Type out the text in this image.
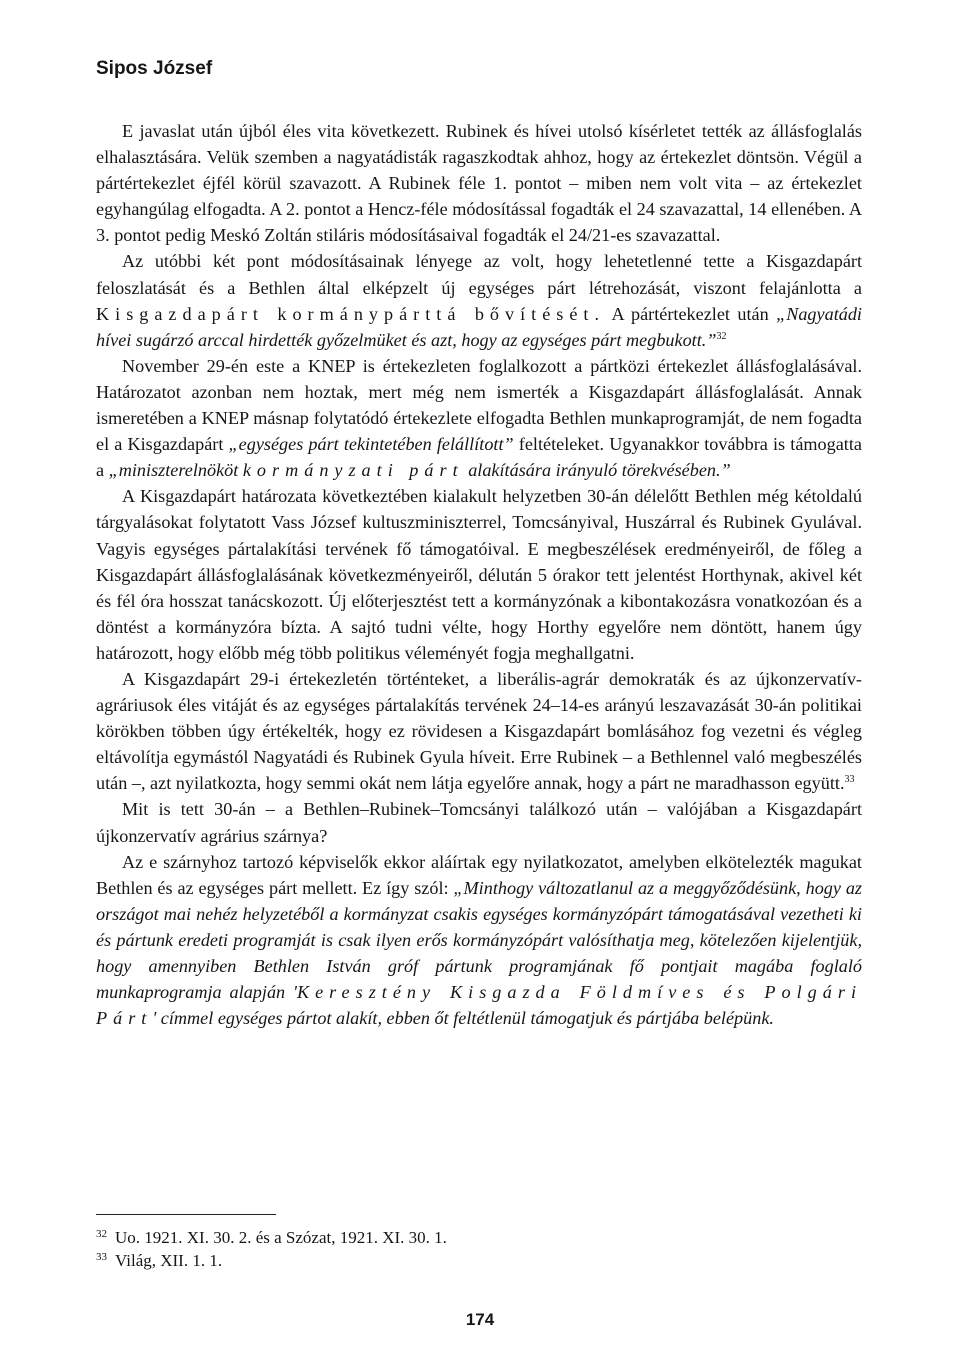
Sipos József

E javaslat után újból éles vita következett. Rubinek és hívei utolsó kísérletet tették az állásfoglalás elhalasztására. Velük szemben a nagyatádisták ragaszkodtak ahhoz, hogy az értekezlet döntsön. Végül a pártértekezlet éjfél körül szavazott. A Rubinek féle 1. pontot – miben nem volt vita – az értekezlet egyhangúlag elfogadta. A 2. pontot a Hencz-féle módosítással fogadták el 24 szavazattal, 14 ellenében. A 3. pontot pedig Meskó Zoltán stiláris módosításaival fogadták el 24/21-es szavazattal.

Az utóbbi két pont módosításainak lényege az volt, hogy lehetetlenné tette a Kisgazdapárt feloszlatását és a Bethlen által elképzelt új egységes párt létrehozását, viszont felajánlotta a Kisgazdapárt kormánypárttá bővítését. A pártértekezlet után „Nagyatádi hívei sugárzó arccal hirdették győzelmüket és azt, hogy az egységes párt megbukott.”$^{32}$

November 29-én este a KNEP is értekezleten foglalkozott a pártközi értekezlet állásfoglalásával. Határozatot azonban nem hoztak, mert még nem ismerték a Kisgazdapárt állásfoglalását. Annak ismeretében a KNEP másnap folytatódó értekezlete elfogadta Bethlen munkaprogramját, de nem fogadta el a Kisgazdapárt „egységes párt tekintetében felállított” feltételeket. Ugyanakkor továbbra is támogatta a „miniszterelnököt kormányzati párt alakítására irányuló törekvésében.”

A Kisgazdapárt határozata következtében kialakult helyzetben 30-án délelőtt Bethlen még kétoldalú tárgyalásokat folytatott Vass József kultuszminiszterrel, Tomcsányival, Huszárral és Rubinek Gyulával. Vagyis egységes pártalakítási tervének fő támogatóival. E megbeszélések eredményeiről, de főleg a Kisgazdapárt állásfoglalásának következményeiről, délután 5 órakor tett jelentést Horthynak, akivel két és fél óra hosszat tanácskozott. Új előterjesztést tett a kormányzónak a kibontakozásra vonatkozóan és a döntést a kormányzóra bízta. A sajtó tudni vélte, hogy Horthy egyelőre nem döntött, hanem úgy határozott, hogy előbb még több politikus véleményét fogja meghallgatni.

A Kisgazdapárt 29-i értekezletén történteket, a liberális-agrár demokraták és az újkonzervatív-agráriusok éles vitáját és az egységes pártalakítás tervének 24–14-es arányú leszavazását 30-án politikai körökben többen úgy értékelték, hogy ez rövidesen a Kisgazdapárt bomlásához fog vezetni és végleg eltávolítja egymástól Nagyatádi és Rubinek Gyula híveit. Erre Rubinek – a Bethlennel való megbeszélés után –, azt nyilatkozta, hogy semmi okát nem látja egyelőre annak, hogy a párt ne maradhasson együtt.$^{33}$

Mit is tett 30-án – a Bethlen–Rubinek–Tomcsányi találkozó után – valójában a Kisgazdapárt újkonzervatív agrárius szárnya?

Az e szárnyhoz tartozó képviselők ekkor aláírtak egy nyilatkozatot, amelyben elkötelezték magukat Bethlen és az egységes párt mellett. Ez így szól: „Minthogy változatlanul az a meggyőződésünk, hogy az országot mai nehéz helyzetéből a kormányzat csakis egységes kormányzópárt támogatásával vezetheti ki és pártunk eredeti programját is csak ilyen erős kormányzópárt valósíthatja meg, kötelezően kijelentjük, hogy amennyiben Bethlen István gróf pártunk programjának fő pontjait magába foglaló munkaprogramja alapján 'Keresztény Kisgazda Földmíves és Polgári Párt' címmel egységes pártot alakít, ebben őt feltétlenül támogatjuk és pártjába belépünk.

$^{32}$ Uo. 1921. XI. 30. 2. és a Szózat, 1921. XI. 30. 1.

$^{33}$ Világ, XII. 1. 1.

174
